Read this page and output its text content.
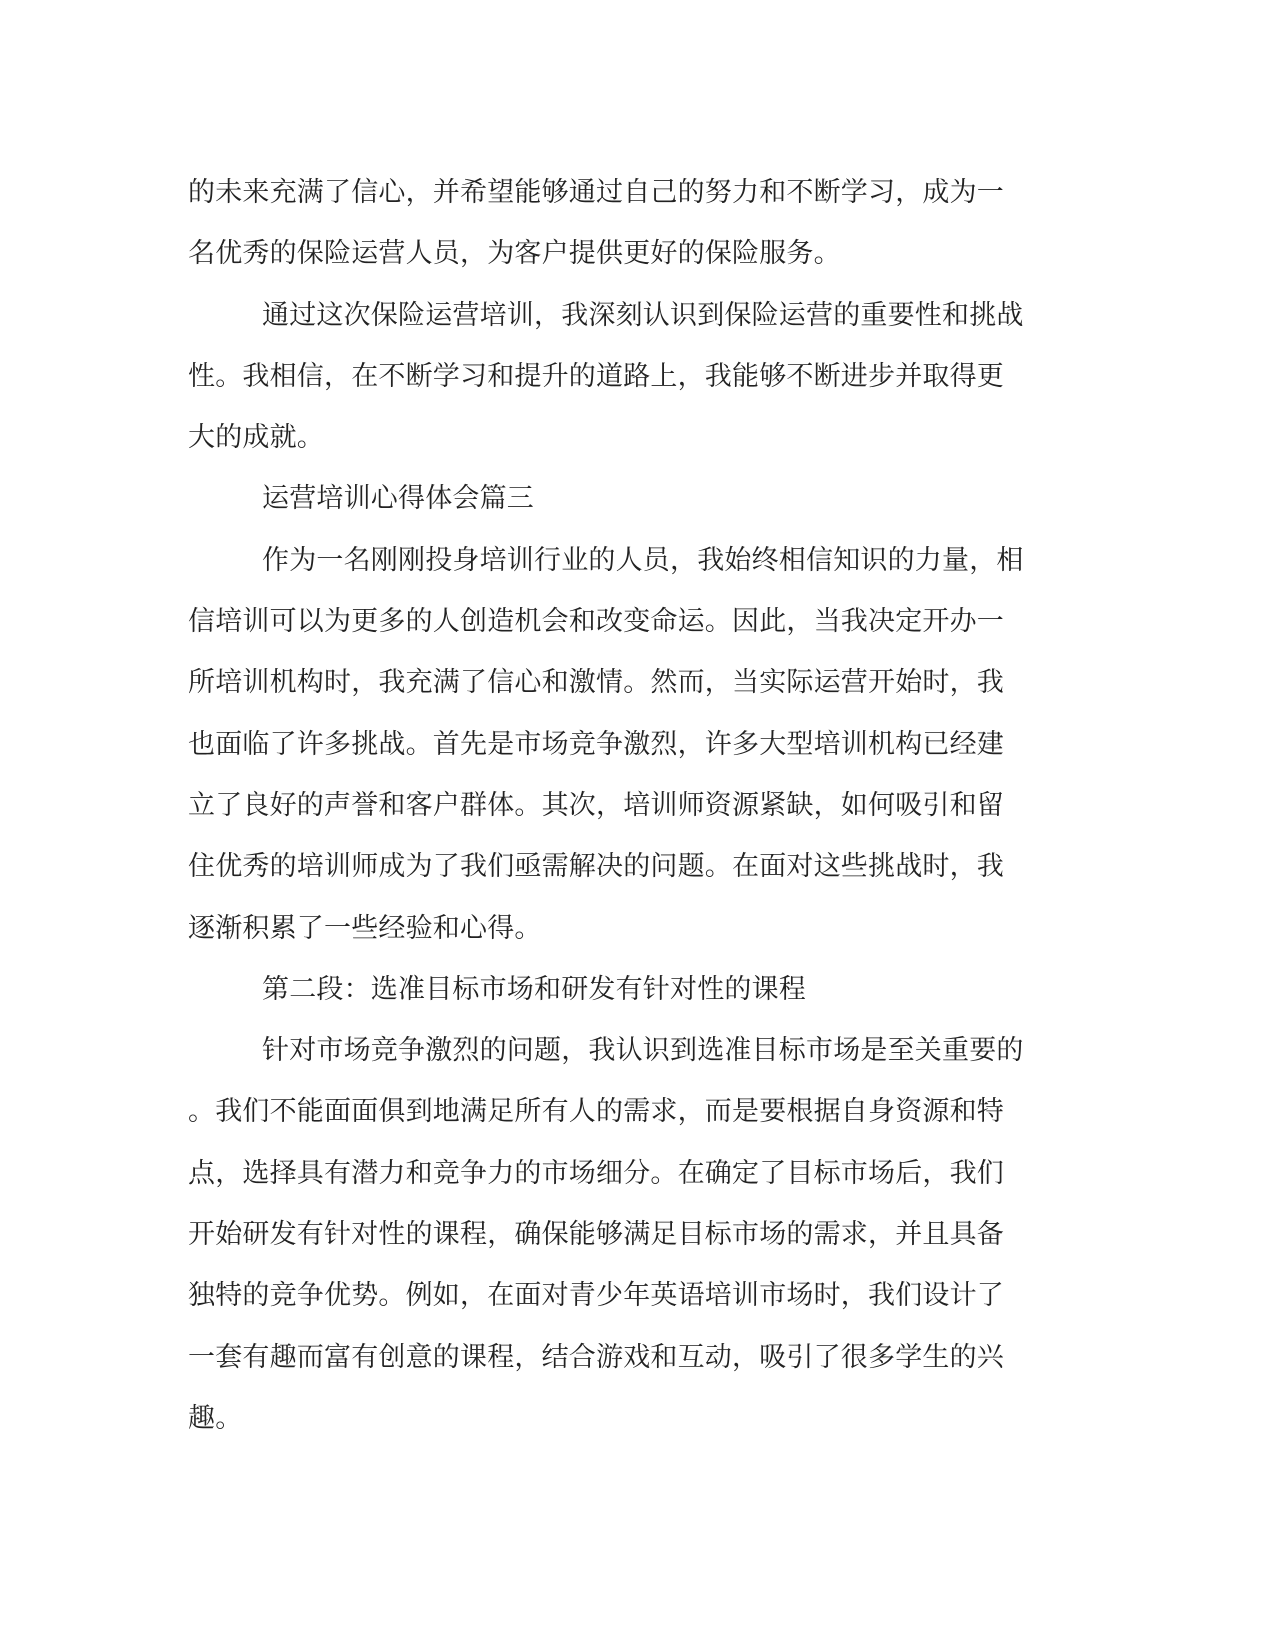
的未来充满了信心，并希望能够通过自己的努力和不断学习，成为一
名优秀的保险运营人员，为客户提供更好的保险服务。
通过这次保险运营培训，我深刻认识到保险运营的重要性和挑战
性。我相信，在不断学习和提升的道路上，我能够不断进步并取得更
大的成就。
运营培训心得体会篇三
作为一名刚刚投身培训行业的人员，我始终相信知识的力量，相
信培训可以为更多的人创造机会和改变命运。因此，当我决定开办一
所培训机构时，我充满了信心和激情。然而，当实际运营开始时，我
也面临了许多挑战。首先是市场竞争激烈，许多大型培训机构已经建
立了良好的声誉和客户群体。其次，培训师资源紧缺，如何吸引和留
住优秀的培训师成为了我们亟需解决的问题。在面对这些挑战时，我
逐渐积累了一些经验和心得。
第二段：选准目标市场和研发有针对性的课程
针对市场竞争激烈的问题，我认识到选准目标市场是至关重要的
。我们不能面面俱到地满足所有人的需求，而是要根据自身资源和特
点，选择具有潜力和竞争力的市场细分。在确定了目标市场后，我们
开始研发有针对性的课程，确保能够满足目标市场的需求，并且具备
独特的竞争优势。例如，在面对青少年英语培训市场时，我们设计了
一套有趣而富有创意的课程，结合游戏和互动，吸引了很多学生的兴
趣。
